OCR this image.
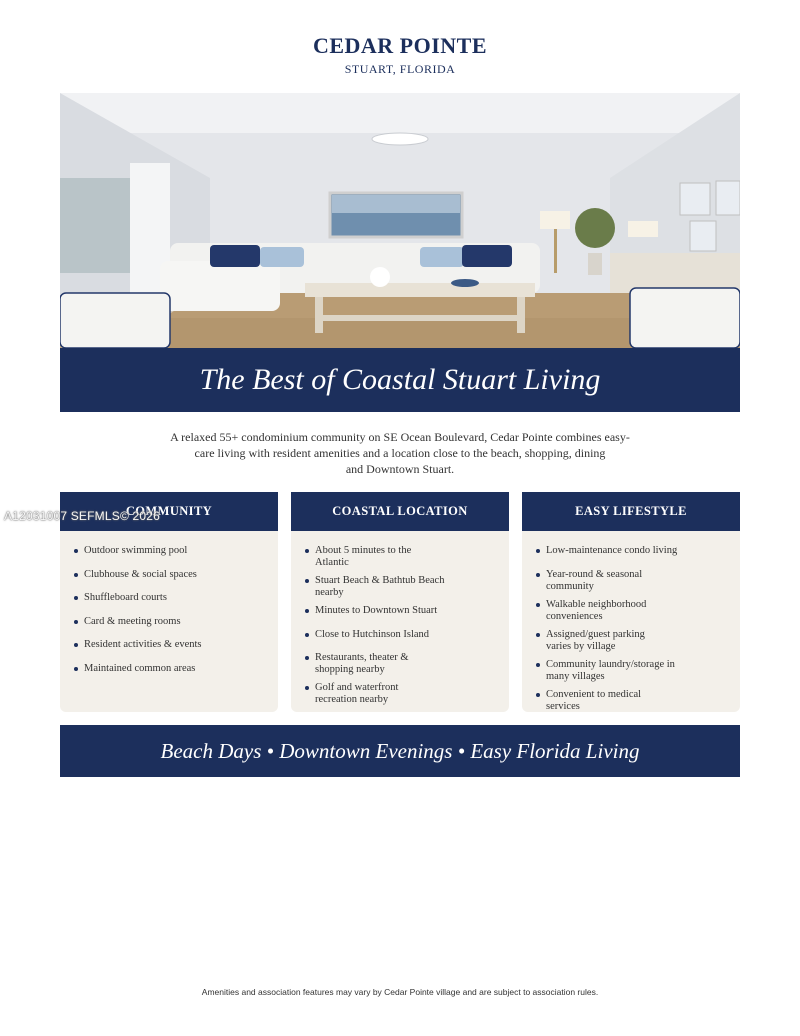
CEDAR POINTE
STUART, FLORIDA
The Best of Coastal Stuart Living
A relaxed 55+ condominium community on SE Ocean Boulevard, Cedar Pointe combines easy-
care living with resident amenities and a location close to the beach, shopping, dining
and Downtown Stuart.
COMMUNITY
Outdoor swimming pool
Clubhouse & social spaces
Shuffleboard courts
Card & meeting rooms
Resident activities & events
Maintained common areas
COASTAL LOCATION
About 5 minutes to the Atlantic
Stuart Beach & Bathtub Beach nearby
Minutes to Downtown Stuart
Close to Hutchinson Island
Restaurants, theater & shopping nearby
Golf and waterfront recreation nearby
EASY LIFESTYLE
Low-maintenance condo living
Year-round & seasonal community
Walkable neighborhood conveniences
Assigned/guest parking varies by village
Community laundry/storage in many villages
Convenient to medical services
Beach Days • Downtown Evenings • Easy Florida Living
A12031007 SEFMLS© 2026
Amenities and association features may vary by Cedar Pointe village and are subject to association rules.
